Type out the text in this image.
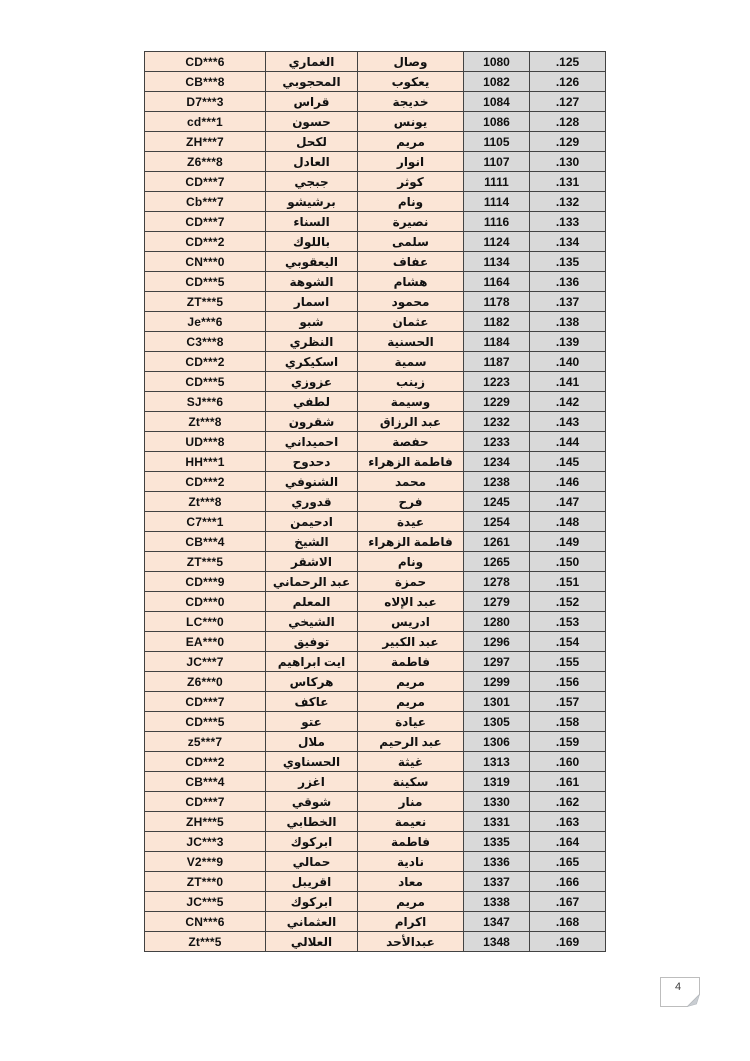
.125	1080	وصال	الغماري	CD***6
.126	1082	يعكوب	المحجوبي	CB***8
.127	1084	خديجة	قراس	D7***3
.128	1086	يونس	حسون	cd***1
.129	1105	مريم	لكحل	ZH***7
.130	1107	انوار	العادل	Z6***8
.131	1111	كوثر	جبجي	CD***7
.132	1114	ونام	برشيشو	Cb***7
.133	1116	نصيرة	السناء	CD***7
.134	1124	سلمى	باللوك	CD***2
.135	1134	عفاف	اليعقوبي	CN***0
.136	1164	هشام	الشوهة	CD***5
.137	1178	محمود	اسمار	ZT***5
.138	1182	عثمان	شبو	Je***6
.139	1184	الحسنية	النظري	C3***8
.140	1187	سمية	اسكيكري	CD***2
.141	1223	زينب	عزوزي	CD***5
.142	1229	وسيمة	لطفي	SJ***6
.143	1232	عبد الرزاق	شقرون	Zt***8
.144	1233	حفصة	احميداني	UD***8
.145	1234	فاطمة الزهراء	دحدوح	HH***1
.146	1238	محمد	الشنوفي	CD***2
.147	1245	فرح	قدوري	Zt***8
.148	1254	عيدة	ادحيمن	C7***1
.149	1261	فاطمة الزهراء	الشيخ	CB***4
.150	1265	ونام	الاشقر	ZT***5
.151	1278	حمزة	عبد الرحماني	CD***9
.152	1279	عبد الإلاه	المعلم	CD***0
.153	1280	ادريس	الشيخي	LC***0
.154	1296	عبد الكبير	توفيق	EA***0
.155	1297	فاطمة	ايت ابراهيم	JC***7
.156	1299	مريم	هركاس	Z6***0
.157	1301	مريم	عاكف	CD***7
.158	1305	عيادة	عتو	CD***5
.159	1306	عبد الرحيم	ملال	z5***7
.160	1313	غيثة	الحسناوي	CD***2
.161	1319	سكينة	اغزر	CB***4
.162	1330	منار	شوقي	CD***7
.163	1331	نعيمة	الخطابي	ZH***5
.164	1335	فاطمة	ابركوك	JC***3
.165	1336	نادية	حمالي	V2***9
.166	1337	معاد	اقريبل	ZT***0
.167	1338	مريم	ابركوك	JC***5
.168	1347	اكرام	العثماني	CN***6
.169	1348	عبدالأحد	العلالي	Zt***5
4
